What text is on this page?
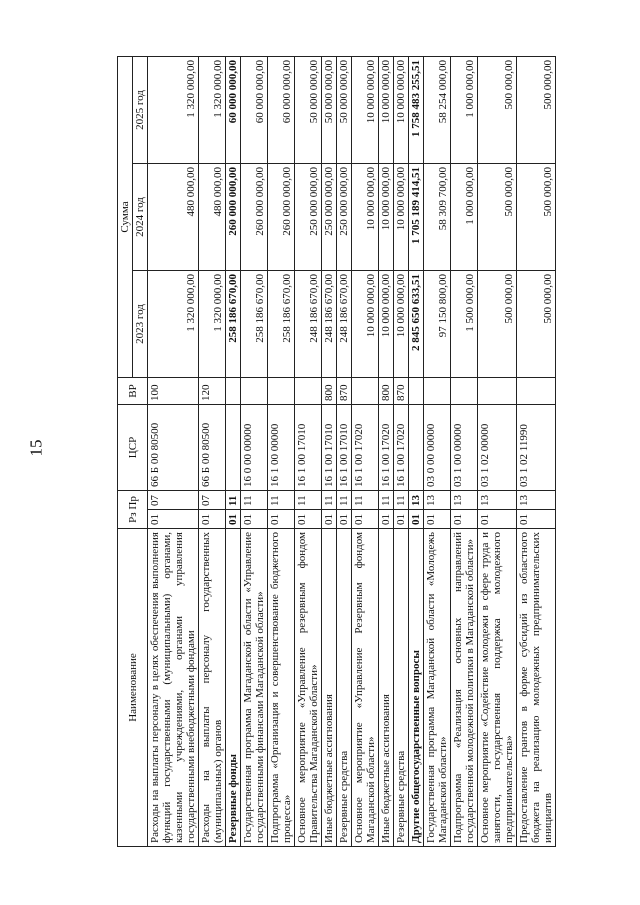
15
Наименование	Рз Пр		ЦСР	ВР	Сумма		
					2023 год	2024 год	2025 год
Расходы на выплаты персоналу в целях обеспечения выполнения функций государственными (муниципальными) органами, казенными учреждениями, органами управления государственными внебюджетными фондами	01	07	66 Б 00 80500	100	1 320 000,00	480 000,00	1 320 000,00
Расходы на выплаты персоналу государственных (муниципальных) органов	01	07	66 Б 00 80500	120	1 320 000,00	480 000,00	1 320 000,00
Резервные фонды	01	11			258 186 670,00	260 000 000,00	60 000 000,00
Государственная программа Магаданской области «Управление государственными финансами Магаданской области»	01	11	16 0 00 00000		258 186 670,00	260 000 000,00	60 000 000,00
Подпрограмма «Организация и совершенствование бюджетного процесса»	01	11	16 1 00 00000		258 186 670,00	260 000 000,00	60 000 000,00
Основное мероприятие «Управление резервным фондом Правительства Магаданской области»	01	11	16 1 00 17010		248 186 670,00	250 000 000,00	50 000 000,00
Иные бюджетные ассигнования	01	11	16 1 00 17010	800	248 186 670,00	250 000 000,00	50 000 000,00
Резервные средства	01	11	16 1 00 17010	870	248 186 670,00	250 000 000,00	50 000 000,00
Основное мероприятие «Управление Резервным фондом Магаданской области»	01	11	16 1 00 17020		10 000 000,00	10 000 000,00	10 000 000,00
Иные бюджетные ассигнования	01	11	16 1 00 17020	800	10 000 000,00	10 000 000,00	10 000 000,00
Резервные средства	01	11	16 1 00 17020	870	10 000 000,00	10 000 000,00	10 000 000,00
Другие общегосударственные вопросы	01	13			2 845 650 633,51	1 705 189 414,51	1 758 483 255,51
Государственная программа Магаданской области «Молодежь Магаданской области»	01	13	03 0 00 00000		97 150 800,00	58 309 700,00	58 254 000,00
Подпрограмма «Реализация основных направлений государственной молодежной политики в Магаданской области»	01	13	03 1 00 00000		1 500 000,00	1 000 000,00	1 000 000,00
Основное мероприятие «Содействие молодежи в сфере труда и занятости, государственная поддержка молодежного предпринимательства»	01	13	03 1 02 00000		500 000,00	500 000,00	500 000,00
Предоставление грантов в форме субсидий из областного бюджета на реализацию молодежных предпринимательских инициатив	01	13	03 1 02 11990		500 000,00	500 000,00	500 000,00
